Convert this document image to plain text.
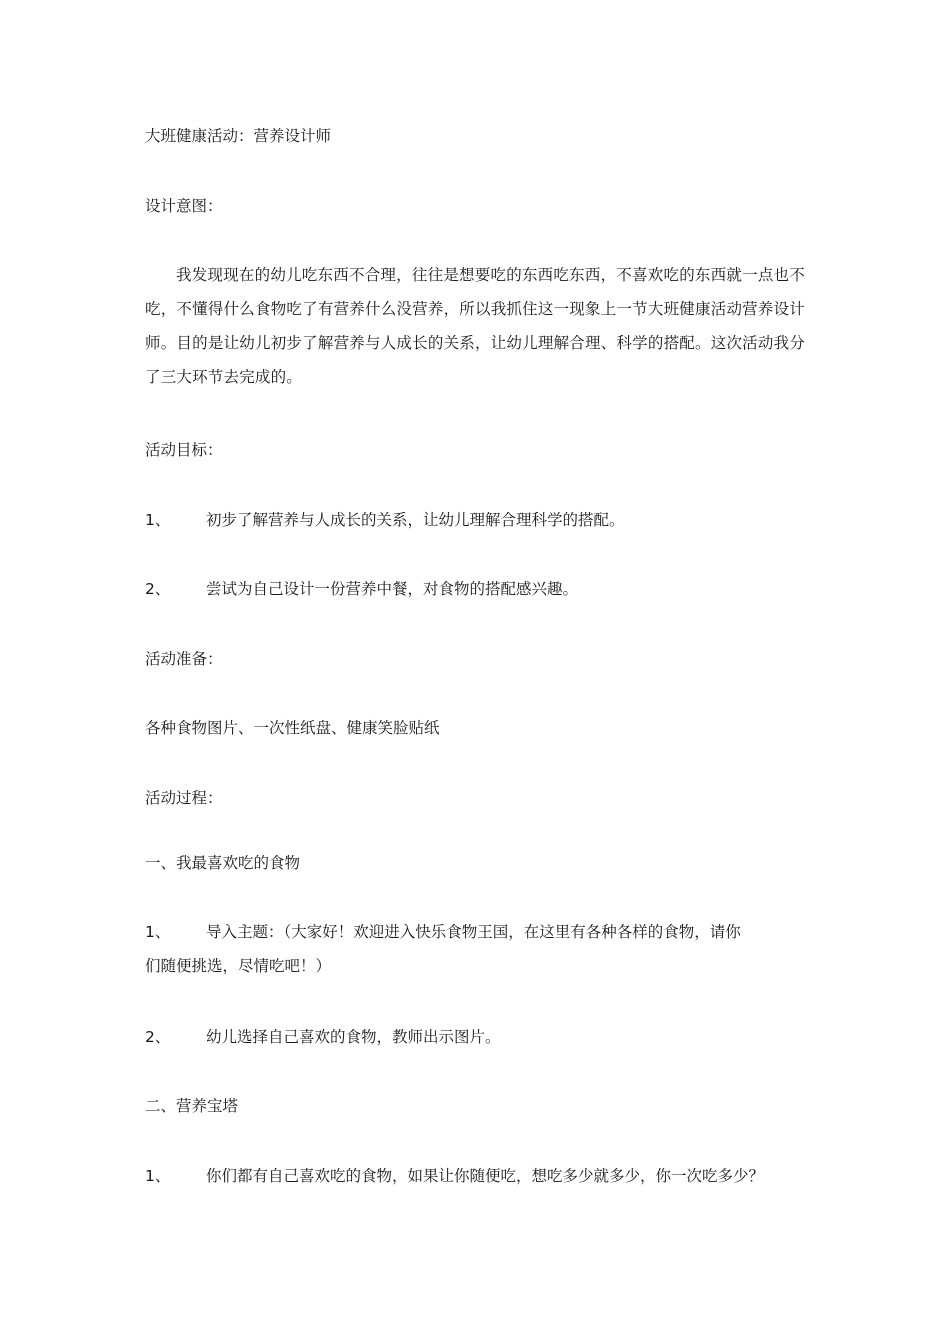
大班健康活动：营养设计师
设计意图：
我发现现在的幼儿吃东西不合理，往往是想要吃的东西吃东西，不喜欢吃的东西就一点也不吃，不懂得什么食物吃了有营养什么没营养，所以我抓住这一现象上一节大班健康活动营养设计师。目的是让幼儿初步了解营养与人成长的关系，让幼儿理解合理、科学的搭配。这次活动我分了三大环节去完成的。
活动目标：
1、 初步了解营养与人成长的关系，让幼儿理解合理科学的搭配。
2、 尝试为自己设计一份营养中餐，对食物的搭配感兴趣。
活动准备：
各种食物图片、一次性纸盘、健康笑脸贴纸
活动过程：
一、我最喜欢吃的食物
1、	导入主题：（大家好！欢迎进入快乐食物王国，在这里有各种各样的食物，请你
们随便挑选，尽情吃吧！）
2、 幼儿选择自己喜欢的食物，教师出示图片。
二、营养宝塔
1、 你们都有自己喜欢吃的食物，如果让你随便吃，想吃多少就多少，你一次吃多少？
